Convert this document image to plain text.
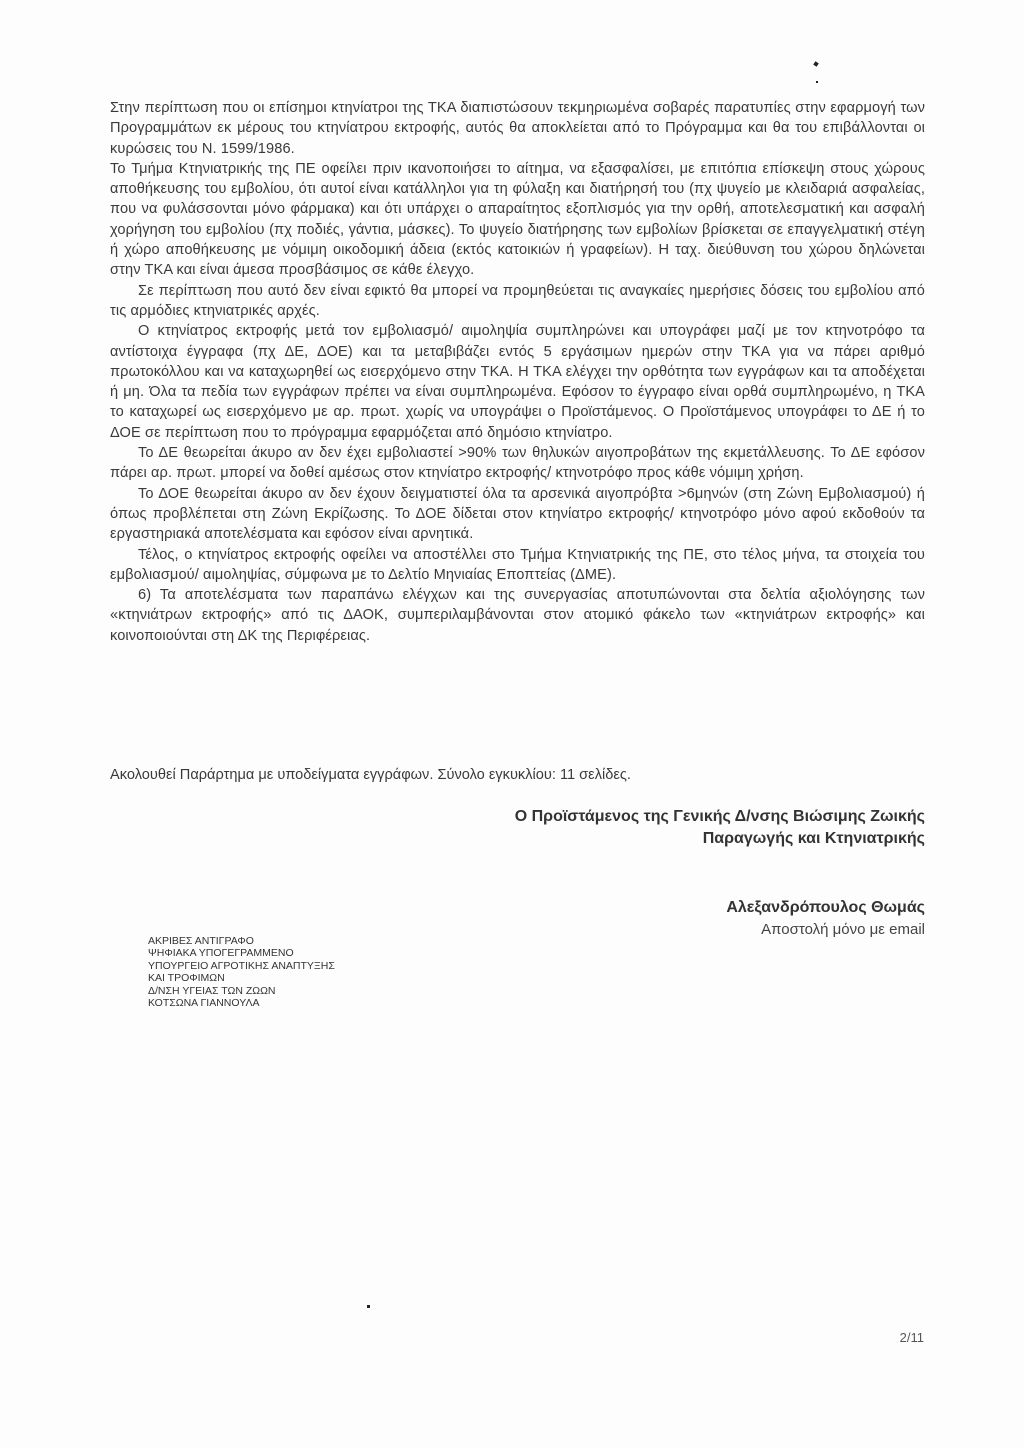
Στην περίπτωση που οι επίσημοι κτηνίατροι της ΤΚΑ διαπιστώσουν τεκμηριωμένα σοβαρές παρατυπίες στην εφαρμογή των Προγραμμάτων εκ μέρους του κτηνίατρου εκτροφής, αυτός θα αποκλείεται από το Πρόγραμμα και θα του επιβάλλονται οι κυρώσεις του Ν. 1599/1986.

Το Τμήμα Κτηνιατρικής της ΠΕ οφείλει πριν ικανοποιήσει το αίτημα, να εξασφαλίσει, με επιτόπια επίσκεψη στους χώρους αποθήκευσης του εμβολίου, ότι αυτοί είναι κατάλληλοι για τη φύλαξη και διατήρησή του (πχ ψυγείο με κλειδαριά ασφαλείας, που να φυλάσσονται μόνο φάρμακα) και ότι υπάρχει ο απαραίτητος εξοπλισμός για την ορθή, αποτελεσματική και ασφαλή χορήγηση του εμβολίου (πχ ποδιές, γάντια, μάσκες). Το ψυγείο διατήρησης των εμβολίων βρίσκεται σε επαγγελματική στέγη ή χώρο αποθήκευσης με νόμιμη οικοδομική άδεια (εκτός κατοικιών ή γραφείων). Η ταχ. διεύθυνση του χώρου δηλώνεται στην ΤΚΑ και είναι άμεσα προσβάσιμος σε κάθε έλεγχο.

Σε περίπτωση που αυτό δεν είναι εφικτό θα μπορεί να προμηθεύεται τις αναγκαίες ημερήσιες δόσεις του εμβολίου από τις αρμόδιες κτηνιατρικές αρχές.

Ο κτηνίατρος εκτροφής μετά τον εμβολιασμό/ αιμοληψία συμπληρώνει και υπογράφει μαζί με τον κτηνοτρόφο τα αντίστοιχα έγγραφα (πχ ΔΕ, ΔΟΕ) και τα μεταβιβάζει εντός 5 εργάσιμων ημερών στην ΤΚΑ για να πάρει αριθμό πρωτοκόλλου και να καταχωρηθεί ως εισερχόμενο στην ΤΚΑ. Η ΤΚΑ ελέγχει την ορθότητα των εγγράφων και τα αποδέχεται ή μη. Όλα τα πεδία των εγγράφων πρέπει να είναι συμπληρωμένα. Εφόσον το έγγραφο είναι ορθά συμπληρωμένο, η ΤΚΑ το καταχωρεί ως εισερχόμενο με αρ. πρωτ. χωρίς να υπογράψει ο Προϊστάμενος. Ο Προϊστάμενος υπογράφει το ΔΕ ή το ΔΟΕ σε περίπτωση που το πρόγραμμα εφαρμόζεται από δημόσιο κτηνίατρο.

Το ΔΕ θεωρείται άκυρο αν δεν έχει εμβολιαστεί >90% των θηλυκών αιγοπροβάτων της εκμετάλλευσης. Το ΔΕ εφόσον πάρει αρ. πρωτ. μπορεί να δοθεί αμέσως στον κτηνίατρο εκτροφής/ κτηνοτρόφο προς κάθε νόμιμη χρήση.

Το ΔΟΕ θεωρείται άκυρο αν δεν έχουν δειγματιστεί όλα τα αρσενικά αιγοπρόβτα >6μηνών (στη Ζώνη Εμβολιασμού) ή όπως προβλέπεται στη Ζώνη Εκρίζωσης. Το ΔΟΕ δίδεται στον κτηνίατρο εκτροφής/ κτηνοτρόφο μόνο αφού εκδοθούν τα εργαστηριακά αποτελέσματα και εφόσον είναι αρνητικά.

Τέλος, ο κτηνίατρος εκτροφής οφείλει να αποστέλλει στο Τμήμα Κτηνιατρικής της ΠΕ, στο τέλος μήνα, τα στοιχεία του εμβολιασμού/ αιμοληψίας, σύμφωνα με το Δελτίο Μηνιαίας Εποπτείας (ΔΜΕ).

6) Τα αποτελέσματα των παραπάνω ελέγχων και της συνεργασίας αποτυπώνονται στα δελτία αξιολόγησης των «κτηνιάτρων εκτροφής» από τις ΔΑΟΚ, συμπεριλαμβάνονται στον ατομικό φάκελο των «κτηνιάτρων εκτροφής» και κοινοποιούνται στη ΔΚ της Περιφέρειας.

Ακολουθεί Παράρτημα με υποδείγματα εγγράφων. Σύνολο εγκυκλίου: 11 σελίδες.
Ο Προϊστάμενος της Γενικής Δ/νσης Βιώσιμης Ζωικής
Παραγωγής και Κτηνιατρικής
Αλεξανδρόπουλος Θωμάς
Αποστολή μόνο με email
ΑΚΡΙΒΕΣ ΑΝΤΙΓΡΑΦΟ
ΨΗΦΙΑΚΑ ΥΠΟΓΕΓΡΑΜΜΕΝΟ
ΥΠΟΥΡΓΕΙΟ ΑΓΡΟΤΙΚΗΣ ΑΝΑΠΤΥΞΗΣ
ΚΑΙ ΤΡΟΦΙΜΩΝ
Δ/ΝΣΗ ΥΓΕΙΑΣ ΤΩΝ ΖΩΩΝ
ΚΟΤΣΩΝΑ ΓΙΑΝΝΟΥΛΑ
2/11
